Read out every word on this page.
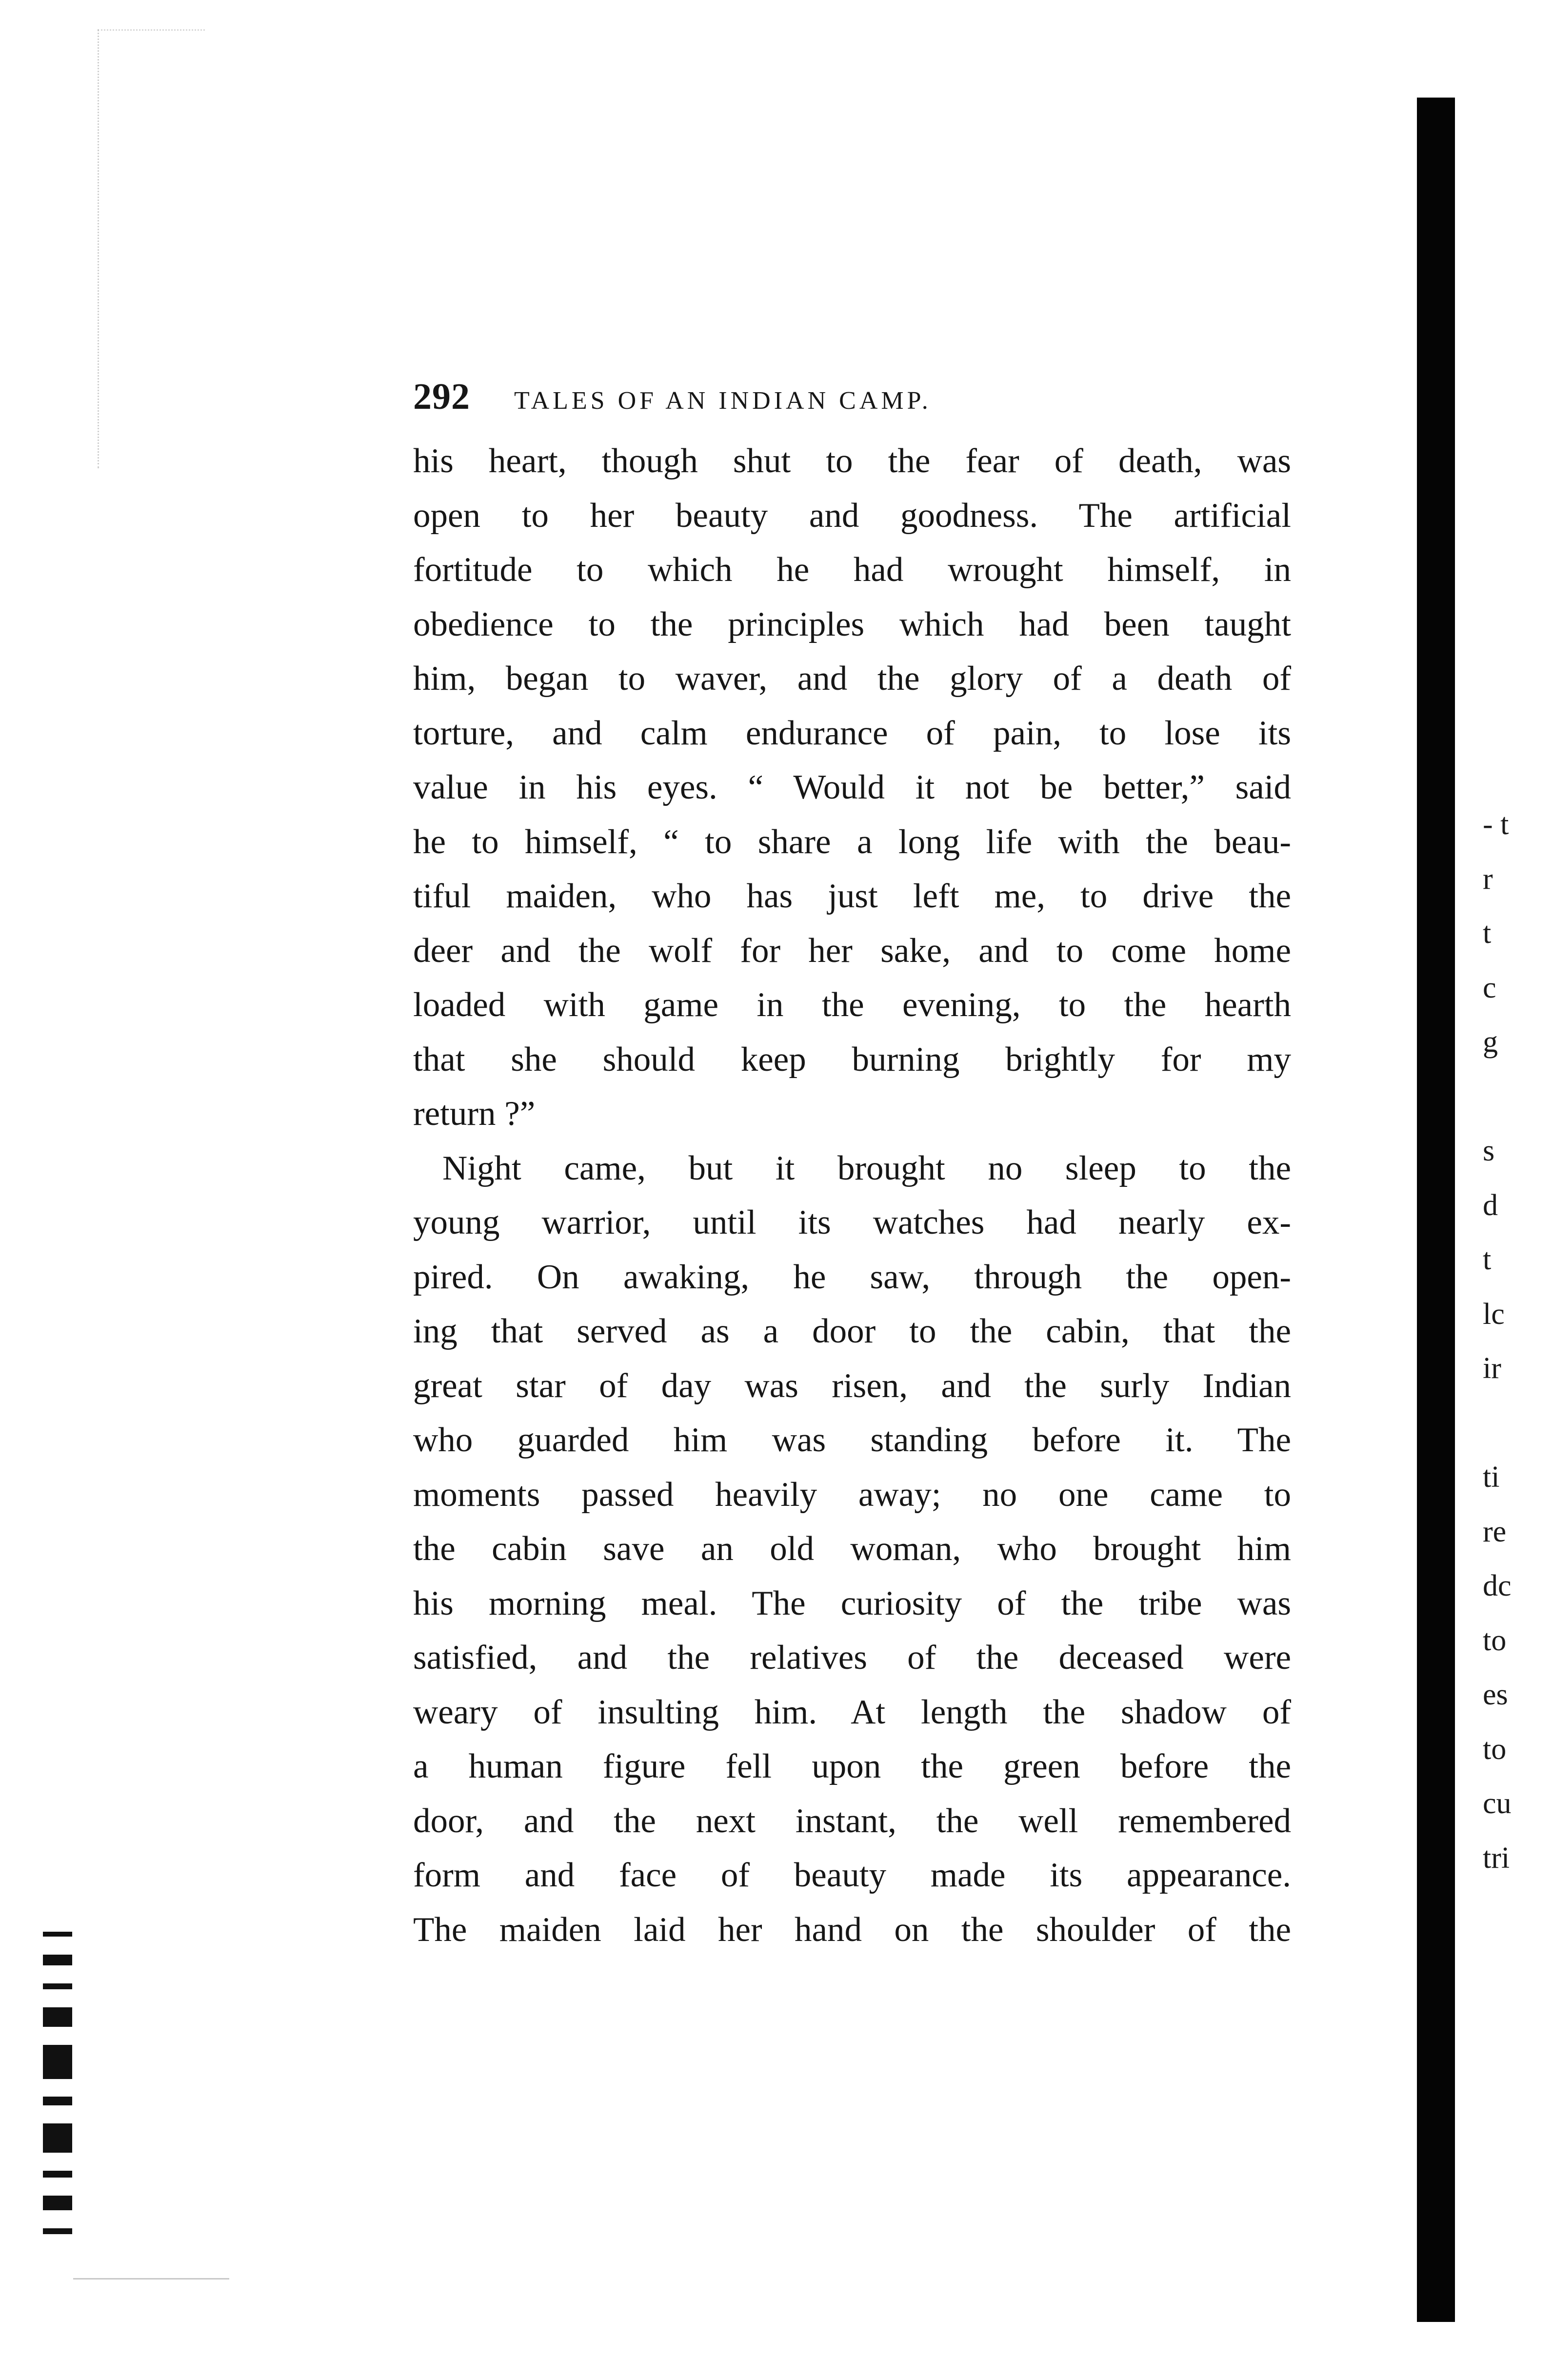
292 TALES OF AN INDIAN CAMP.
his heart, though shut to the fear of death, was
open to her beauty and goodness. The artificial
fortitude to which he had wrought himself, in
obedience to the principles which had been taught
him, began to waver, and the glory of a death of
torture, and calm endurance of pain, to lose its
value in his eyes. “ Would it not be better,” said
he to himself, “ to share a long life with the beau-
tiful maiden, who has just left me, to drive the
deer and the wolf for her sake, and to come home
loaded with game in the evening, to the hearth
that she should keep burning brightly for my
return ?”
Night came, but it brought no sleep to the
young warrior, until its watches had nearly ex-
pired. On awaking, he saw, through the open-
ing that served as a door to the cabin, that the
great star of day was risen, and the surly Indian
who guarded him was standing before it. The
moments passed heavily away; no one came to
the cabin save an old woman, who brought him
his morning meal. The curiosity of the tribe was
satisfied, and the relatives of the deceased were
weary of insulting him. At length the shadow of
a human figure fell upon the green before the
door, and the next instant, the well remembered
form and face of beauty made its appearance.
The maiden laid her hand on the shoulder of the
- t
r
t
c
g
s
d
t
lc
ir
ti
re
dc
to
es
to
cu
tri
